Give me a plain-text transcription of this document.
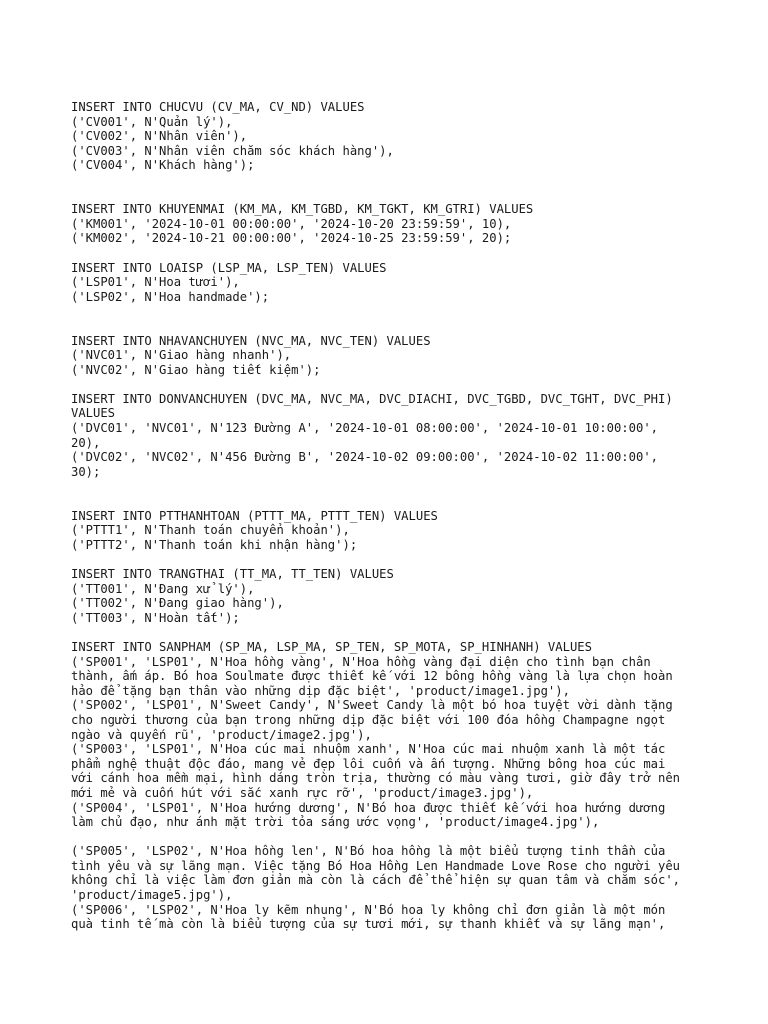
INSERT INTO CHUCVU (CV_MA, CV_ND) VALUES
('CV001', N'Quản lý'),
('CV002', N'Nhân viên'),
('CV003', N'Nhân viên chăm sóc khách hàng'),
('CV004', N'Khách hàng');
INSERT INTO KHUYENMAI (KM_MA, KM_TGBD, KM_TGKT, KM_GTRI) VALUES
('KM001', '2024-10-01 00:00:00', '2024-10-20 23:59:59', 10),
('KM002', '2024-10-21 00:00:00', '2024-10-25 23:59:59', 20);
INSERT INTO LOAISP (LSP_MA, LSP_TEN) VALUES
('LSP01', N'Hoa tươi'),
('LSP02', N'Hoa handmade');
INSERT INTO NHAVANCHUYEN (NVC_MA, NVC_TEN) VALUES
('NVC01', N'Giao hàng nhanh'),
('NVC02', N'Giao hàng tiết kiệm');
INSERT INTO DONVANCHUYEN (DVC_MA, NVC_MA, DVC_DIACHI, DVC_TGBD, DVC_TGHT, DVC_PHI)
VALUES
('DVC01', 'NVC01', N'123 Đường A', '2024-10-01 08:00:00', '2024-10-01 10:00:00',
20),
('DVC02', 'NVC02', N'456 Đường B', '2024-10-02 09:00:00', '2024-10-02 11:00:00',
30);
INSERT INTO PTTHANHTOAN (PTTT_MA, PTTT_TEN) VALUES
('PTTT1', N'Thanh toán chuyển khoản'),
('PTTT2', N'Thanh toán khi nhận hàng');
INSERT INTO TRANGTHAI (TT_MA, TT_TEN) VALUES
('TT001', N'Đang xử lý'),
('TT002', N'Đang giao hàng'),
('TT003', N'Hoàn tất');
INSERT INTO SANPHAM (SP_MA, LSP_MA, SP_TEN, SP_MOTA, SP_HINHANH) VALUES
('SP001', 'LSP01', N'Hoa hồng vàng', N'Hoa hồng vàng đại diện cho tình bạn chân
thành, ấm áp. Bó hoa Soulmate được thiết kế với 12 bông hồng vàng là lựa chọn hoàn
hảo để tặng bạn thân vào những dịp đặc biệt', 'product/image1.jpg'),
('SP002', 'LSP01', N'Sweet Candy', N'Sweet Candy là một bó hoa tuyệt vời dành tặng
cho người thương của bạn trong những dịp đặc biệt với 100 đóa hồng Champagne ngọt
ngào và quyến rũ', 'product/image2.jpg'),
('SP003', 'LSP01', N'Hoa cúc mai nhuộm xanh', N'Hoa cúc mai nhuộm xanh là một tác
phẩm nghệ thuật độc đáo, mang vẻ đẹp lôi cuốn và ấn tượng. Những bông hoa cúc mai
với cánh hoa mềm mại, hình dáng tròn trịa, thường có màu vàng tươi, giờ đây trở nên
mới mẻ và cuốn hút với sắc xanh rực rỡ', 'product/image3.jpg'),
('SP004', 'LSP01', N'Hoa hướng dương', N'Bó hoa được thiết kế với hoa hướng dương
làm chủ đạo, như ánh mặt trời tỏa sáng ước vọng', 'product/image4.jpg'),
('SP005', 'LSP02', N'Hoa hồng len', N'Bó hoa hồng là một biểu tượng tinh thần của
tình yêu và sự lãng mạn. Việc tặng Bó Hoa Hồng Len Handmade Love Rose cho người yêu
không chỉ là việc làm đơn giản mà còn là cách để thể hiện sự quan tâm và chăm sóc',
'product/image5.jpg'),
('SP006', 'LSP02', N'Hoa ly kẽm nhung', N'Bó hoa ly không chỉ đơn giản là một món
quà tinh tế mà còn là biểu tượng của sự tươi mới, sự thanh khiết và sự lãng mạn',
